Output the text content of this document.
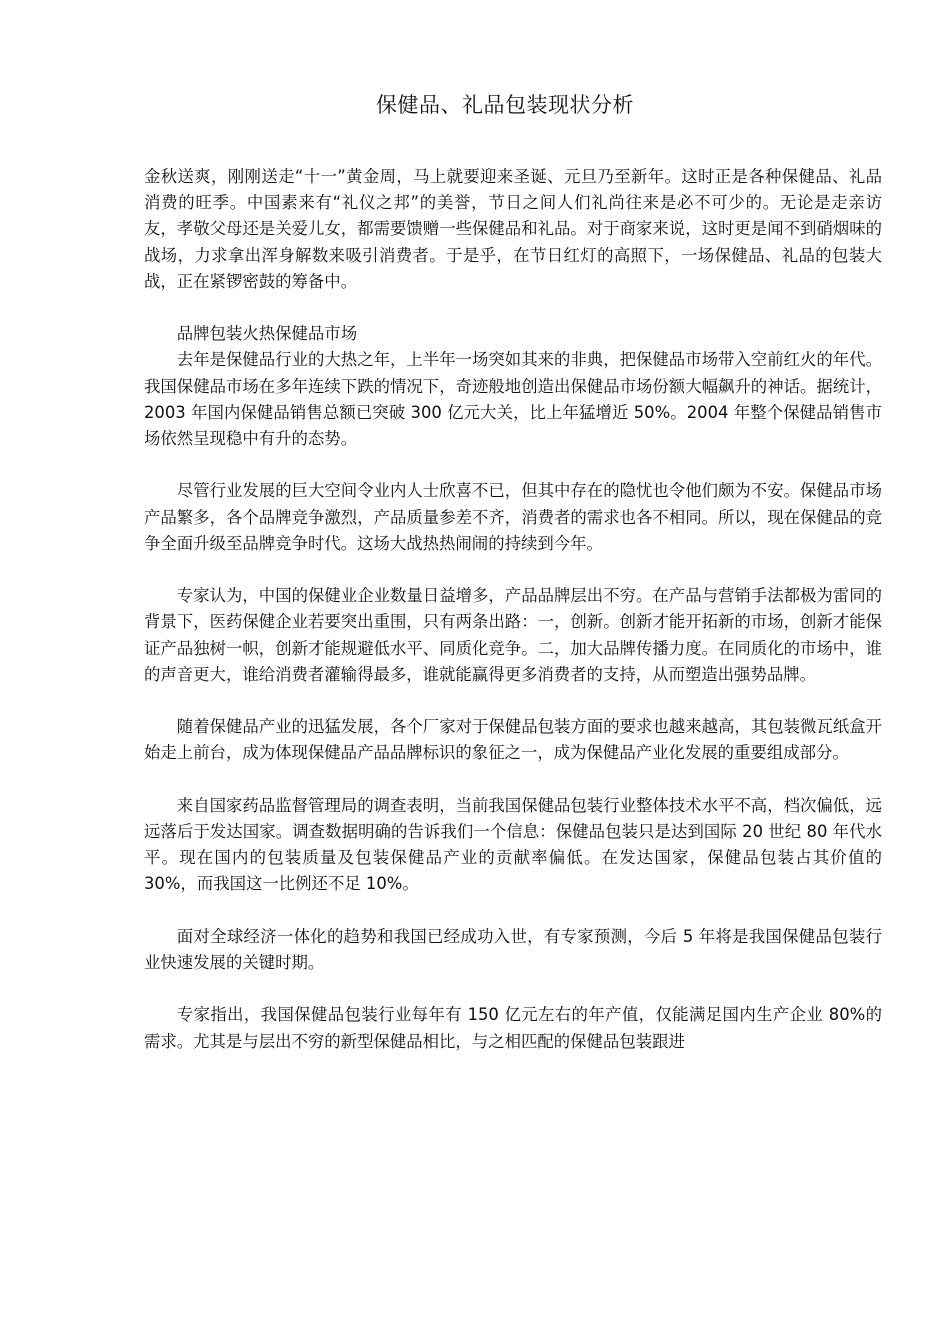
保健品、礼品包装现状分析

金秋送爽，刚刚送走“十一”黄金周，马上就要迎来圣诞、元旦乃至新年。这时正是各种保健品、礼品消费的旺季。中国素来有“礼仪之邦”的美誉，节日之间人们礼尚往来是必不可少的。无论是走亲访友，孝敬父母还是关爱儿女，都需要馈赠一些保健品和礼品。对于商家来说，这时更是闻不到硝烟味的战场，力求拿出浑身解数来吸引消费者。于是乎，在节日红灯的高照下，一场保健品、礼品的包装大战，正在紧锣密鼓的筹备中。

品牌包装火热保健品市场

去年是保健品行业的大热之年，上半年一场突如其来的非典，把保健品市场带入空前红火的年代。我国保健品市场在多年连续下跌的情况下，奇迹般地创造出保健品市场份额大幅飙升的神话。据统计，2003 年国内保健品销售总额已突破 300 亿元大关，比上年猛增近 50%。2004 年整个保健品销售市场依然呈现稳中有升的态势。

尽管行业发展的巨大空间令业内人士欣喜不已，但其中存在的隐忧也令他们颇为不安。保健品市场产品繁多，各个品牌竞争激烈，产品质量参差不齐，消费者的需求也各不相同。所以，现在保健品的竞争全面升级至品牌竞争时代。这场大战热热闹闹的持续到今年。

专家认为，中国的保健业企业数量日益增多，产品品牌层出不穷。在产品与营销手法都极为雷同的背景下，医药保健企业若要突出重围，只有两条出路：一，创新。创新才能开拓新的市场，创新才能保证产品独树一帜，创新才能规避低水平、同质化竞争。二，加大品牌传播力度。在同质化的市场中，谁的声音更大，谁给消费者灌输得最多，谁就能赢得更多消费者的支持，从而塑造出强势品牌。

随着保健品产业的迅猛发展，各个厂家对于保健品包装方面的要求也越来越高，其包装微瓦纸盒开始走上前台，成为体现保健品产品品牌标识的象征之一，成为保健品产业化发展的重要组成部分。

来自国家药品监督管理局的调查表明，当前我国保健品包装行业整体技术水平不高，档次偏低，远远落后于发达国家。调查数据明确的告诉我们一个信息：保健品包装只是达到国际 20 世纪 80 年代水平。现在国内的包装质量及包装保健品产业的贡献率偏低。在发达国家，保健品包装占其价值的 30%，而我国这一比例还不足 10%。

面对全球经济一体化的趋势和我国已经成功入世，有专家预测，今后 5 年将是我国保健品包装行业快速发展的关键时期。

专家指出，我国保健品包装行业每年有 150 亿元左右的年产值，仅能满足国内生产企业 80%的需求。尤其是与层出不穷的新型保健品相比，与之相匹配的保健品包装跟进
